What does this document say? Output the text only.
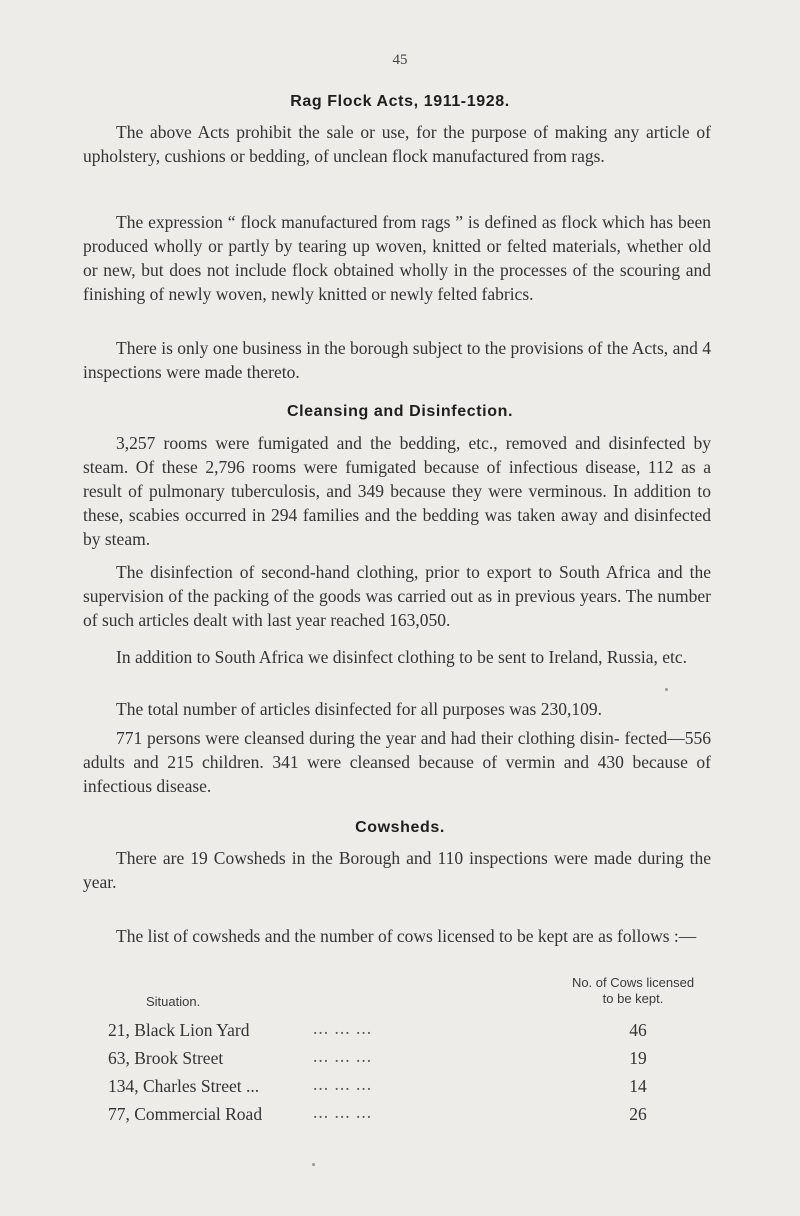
45
Rag Flock Acts, 1911-1928.
The above Acts prohibit the sale or use, for the purpose of making any article of upholstery, cushions or bedding, of unclean flock manufactured from rags.
The expression “ flock manufactured from rags ” is defined as flock which has been produced wholly or partly by tearing up woven, knitted or felted materials, whether old or new, but does not include flock obtained wholly in the processes of the scouring and finishing of newly woven, newly knitted or newly felted fabrics.
There is only one business in the borough subject to the provisions of the Acts, and 4 inspections were made thereto.
Cleansing and Disinfection.
3,257 rooms were fumigated and the bedding, etc., removed and disinfected by steam. Of these 2,796 rooms were fumigated because of infectious disease, 112 as a result of pulmonary tuberculosis, and 349 because they were verminous. In addition to these, scabies occurred in 294 families and the bedding was taken away and disinfected by steam.
The disinfection of second-hand clothing, prior to export to South Africa and the supervision of the packing of the goods was carried out as in previous years. The number of such articles dealt with last year reached 163,050.
In addition to South Africa we disinfect clothing to be sent to Ireland, Russia, etc.
The total number of articles disinfected for all purposes was 230,109.
771 persons were cleansed during the year and had their clothing disin- fected—556 adults and 215 children. 341 were cleansed because of vermin and 430 because of infectious disease.
Cowsheds.
There are 19 Cowsheds in the Borough and 110 inspections were made during the year.
The list of cowsheds and the number of cows licensed to be kept are as follows :—
Situation.
No. of Cows licensed
to be kept.
21, Black Lion Yard	... ... ...	46
63, Brook Street	... ... ...	19
134, Charles Street ...	... ... ...	14
77, Commercial Road	... ... ...	26
